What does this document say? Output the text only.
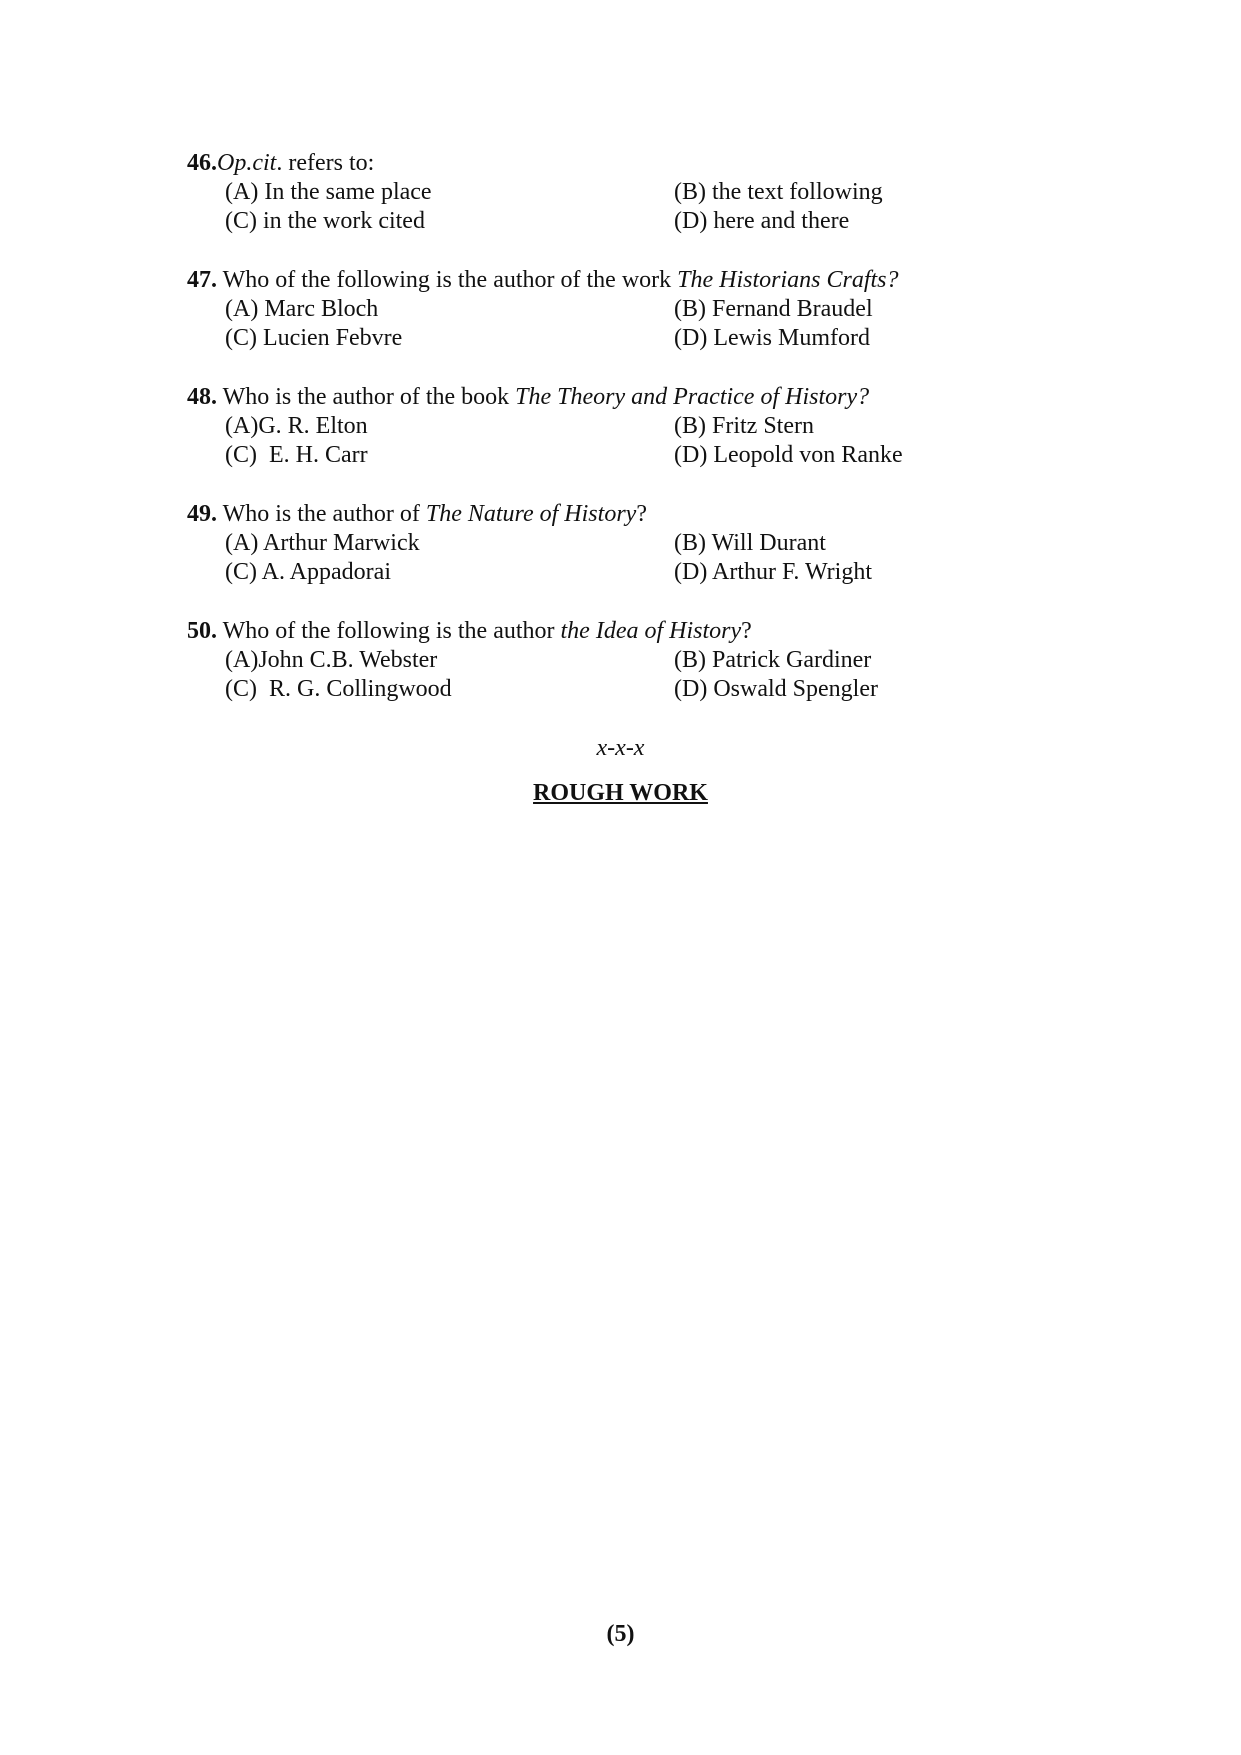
46.Op.cit. refers to:
(A) In the same place	(B) the text following
(C) in the work cited	(D) here and there
47. Who of the following is the author of the work The Historians Crafts?
(A) Marc Bloch	(B) Fernand Braudel
(C) Lucien Febvre	(D) Lewis Mumford
48. Who is the author of the book The Theory and Practice of History?
(A)G. R. Elton	(B) Fritz Stern
(C)  E. H. Carr	(D) Leopold von Ranke
49. Who is the author of The Nature of History?
(A) Arthur Marwick	(B) Will Durant
(C) A. Appadorai	(D) Arthur F. Wright
50. Who of the following is the author the Idea of History?
(A)John C.B. Webster	(B) Patrick Gardiner
(C)  R. G. Collingwood	(D) Oswald Spengler
x-x-x
ROUGH WORK
(5)
